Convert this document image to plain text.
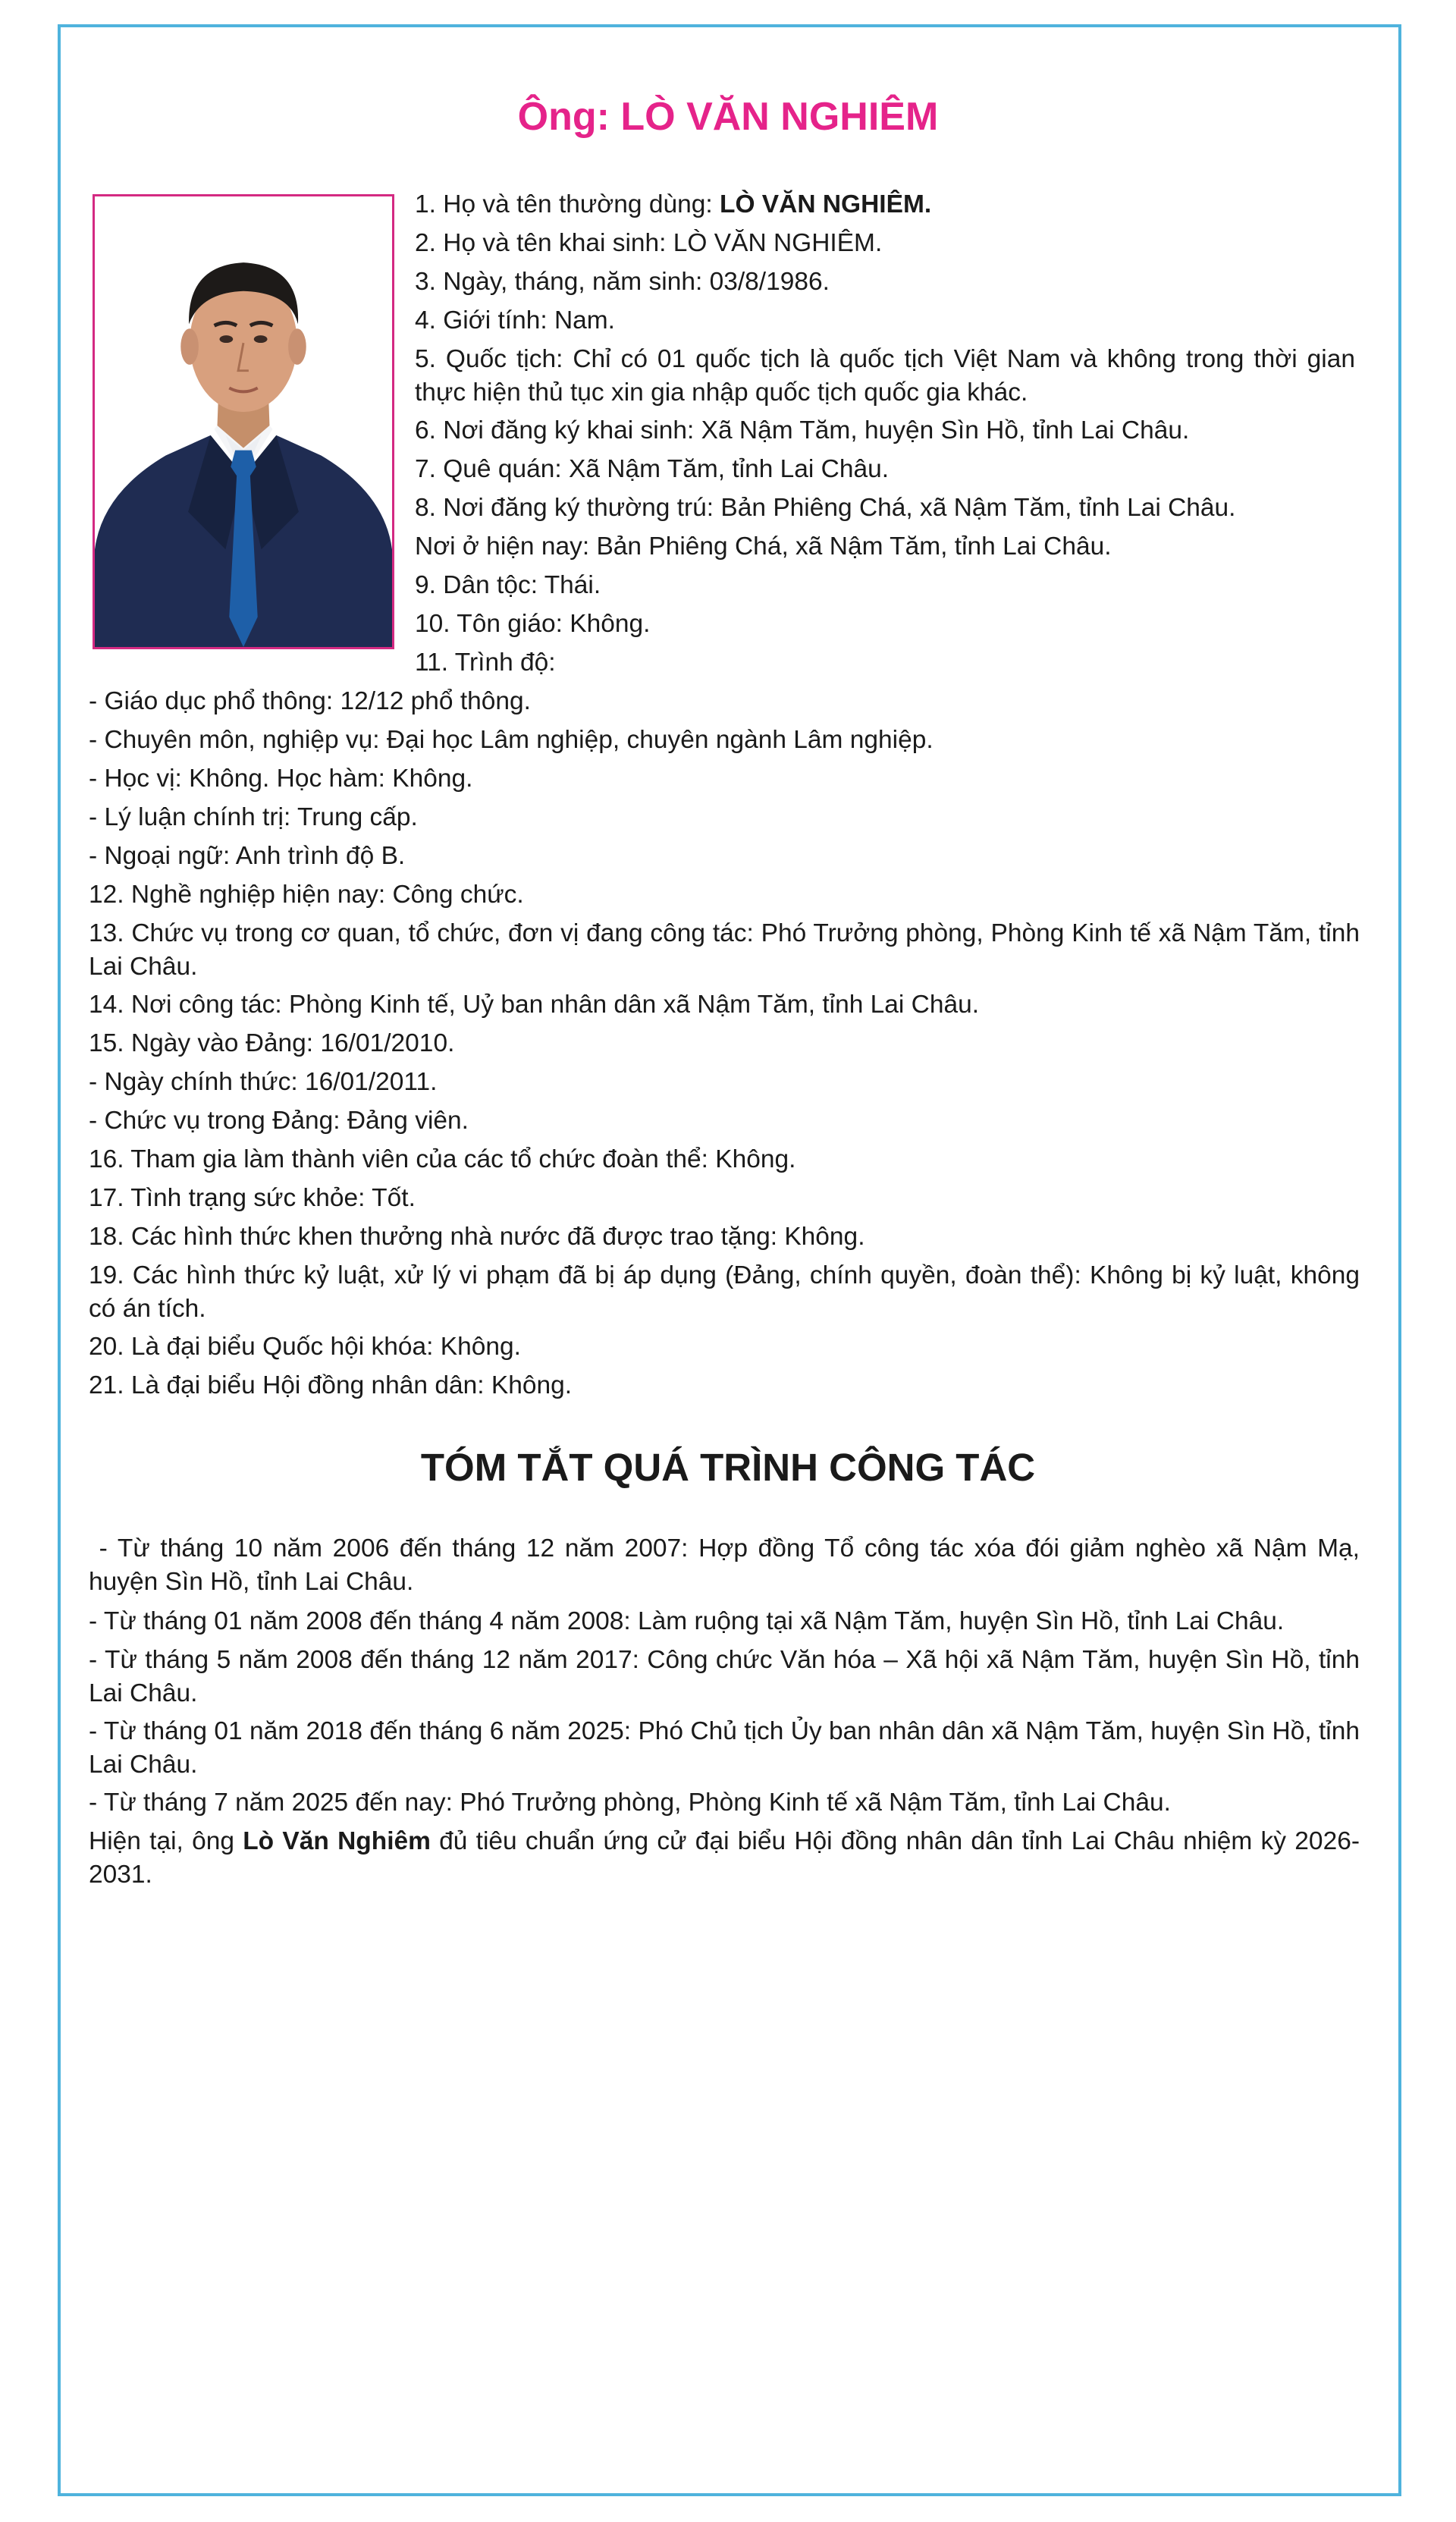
Ông: LÒ VĂN NGHIÊM

1. Họ và tên thường dùng: LÒ VĂN NGHIÊM.

2. Họ và tên khai sinh: LÒ VĂN NGHIÊM.

3. Ngày, tháng, năm sinh: 03/8/1986.

4. Giới tính: Nam.

5. Quốc tịch: Chỉ có 01 quốc tịch là quốc tịch Việt Nam và không trong thời gian thực hiện thủ tục xin gia nhập quốc tịch quốc gia khác.

6. Nơi đăng ký khai sinh: Xã Nậm Tăm, huyện Sìn Hồ, tỉnh Lai Châu.

7. Quê quán: Xã Nậm Tăm, tỉnh Lai Châu.

8. Nơi đăng ký thường trú: Bản Phiêng Chá, xã Nậm Tăm, tỉnh Lai Châu.

Nơi ở hiện nay: Bản Phiêng Chá, xã Nậm Tăm, tỉnh Lai Châu.

9. Dân tộc: Thái.

10. Tôn giáo: Không.

11. Trình độ:

- Giáo dục phổ thông: 12/12 phổ thông.

- Chuyên môn, nghiệp vụ: Đại học Lâm nghiệp, chuyên ngành Lâm nghiệp.

- Học vị: Không. Học hàm: Không.

- Lý luận chính trị: Trung cấp.

- Ngoại ngữ: Anh trình độ B.

12. Nghề nghiệp hiện nay: Công chức.

13. Chức vụ trong cơ quan, tổ chức, đơn vị đang công tác: Phó Trưởng phòng, Phòng Kinh tế xã Nậm Tăm, tỉnh Lai Châu.

14. Nơi công tác: Phòng Kinh tế, Uỷ ban nhân dân xã Nậm Tăm, tỉnh Lai Châu.

15. Ngày vào Đảng: 16/01/2010.

- Ngày chính thức: 16/01/2011.

- Chức vụ trong Đảng: Đảng viên.

16. Tham gia làm thành viên của các tổ chức đoàn thể: Không.

17. Tình trạng sức khỏe: Tốt.

18. Các hình thức khen thưởng nhà nước đã được trao tặng: Không.

19. Các hình thức kỷ luật, xử lý vi phạm đã bị áp dụng (Đảng, chính quyền, đoàn thể): Không bị kỷ luật, không có án tích.

20. Là đại biểu Quốc hội khóa: Không.

21. Là đại biểu Hội đồng nhân dân: Không.

TÓM TẮT QUÁ TRÌNH CÔNG TÁC

- Từ tháng 10 năm 2006 đến tháng 12 năm 2007: Hợp đồng Tổ công tác xóa đói giảm nghèo xã Nậm Mạ, huyện Sìn Hồ, tỉnh Lai Châu.

- Từ tháng 01 năm 2008 đến tháng 4 năm 2008: Làm ruộng tại xã Nậm Tăm, huyện Sìn Hồ, tỉnh Lai Châu.

- Từ tháng 5 năm 2008 đến tháng 12 năm 2017: Công chức Văn hóa – Xã hội xã Nậm Tăm, huyện Sìn Hồ, tỉnh Lai Châu.

- Từ tháng 01 năm 2018 đến tháng 6 năm 2025: Phó Chủ tịch Ủy ban nhân dân xã Nậm Tăm, huyện Sìn Hồ, tỉnh Lai Châu.

- Từ tháng 7 năm 2025 đến nay: Phó Trưởng phòng, Phòng Kinh tế xã Nậm Tăm, tỉnh Lai Châu.

Hiện tại, ông Lò Văn Nghiêm đủ tiêu chuẩn ứng cử đại biểu Hội đồng nhân dân tỉnh Lai Châu nhiệm kỳ 2026-2031.
